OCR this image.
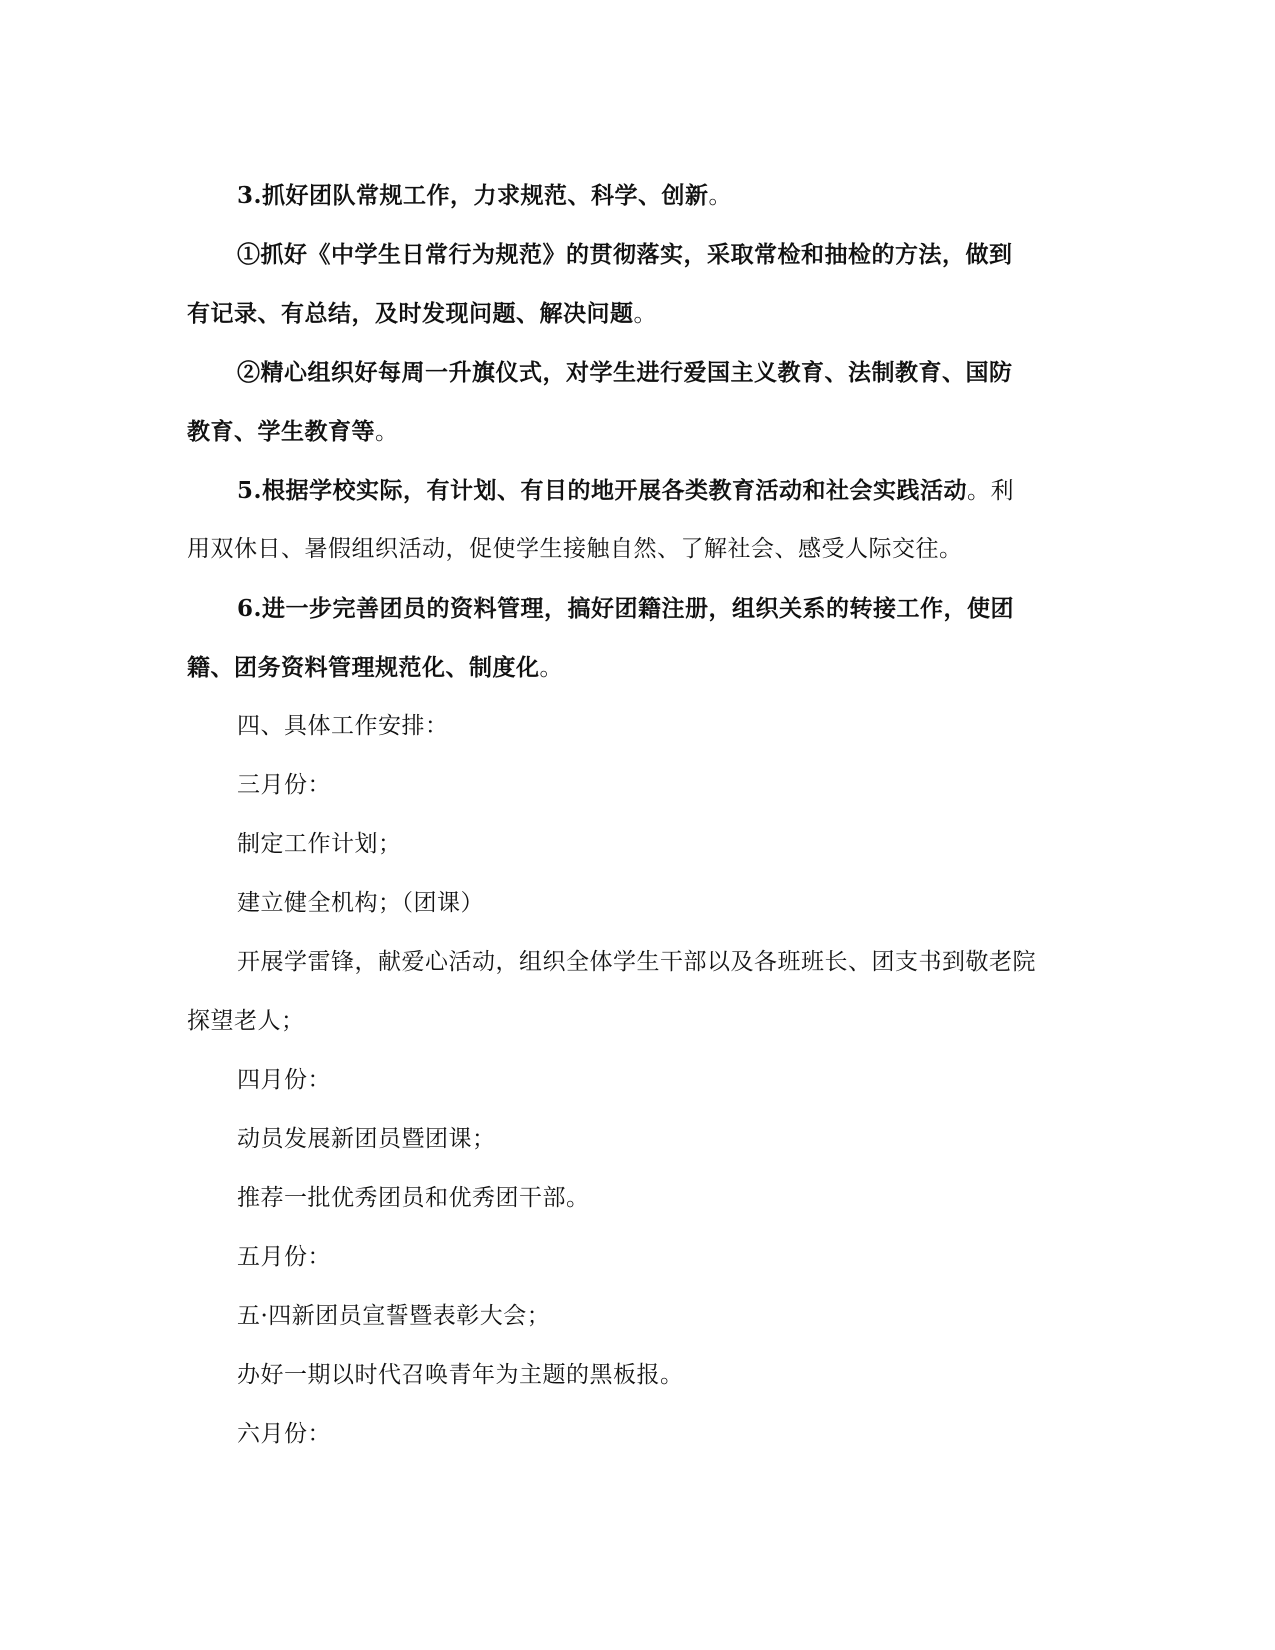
3.抓好团队常规工作，力求规范、科学、创新。
①抓好《中学生日常行为规范》的贯彻落实，采取常检和抽检的方法，做到
有记录、有总结，及时发现问题、解决问题。
②精心组织好每周一升旗仪式，对学生进行爱国主义教育、法制教育、国防
教育、学生教育等。
5.根据学校实际，有计划、有目的地开展各类教育活动和社会实践活动。利
用双休日、暑假组织活动，促使学生接触自然、了解社会、感受人际交往。
6.进一步完善团员的资料管理，搞好团籍注册，组织关系的转接工作，使团
籍、团务资料管理规范化、制度化。
四、具体工作安排：
三月份：
制定工作计划；
建立健全机构；（团课）
开展学雷锋，献爱心活动，组织全体学生干部以及各班班长、团支书到敬老院
探望老人；
四月份：
动员发展新团员暨团课；
推荐一批优秀团员和优秀团干部。
五月份：
五·四新团员宣誓暨表彰大会；
办好一期以时代召唤青年为主题的黑板报。
六月份：
